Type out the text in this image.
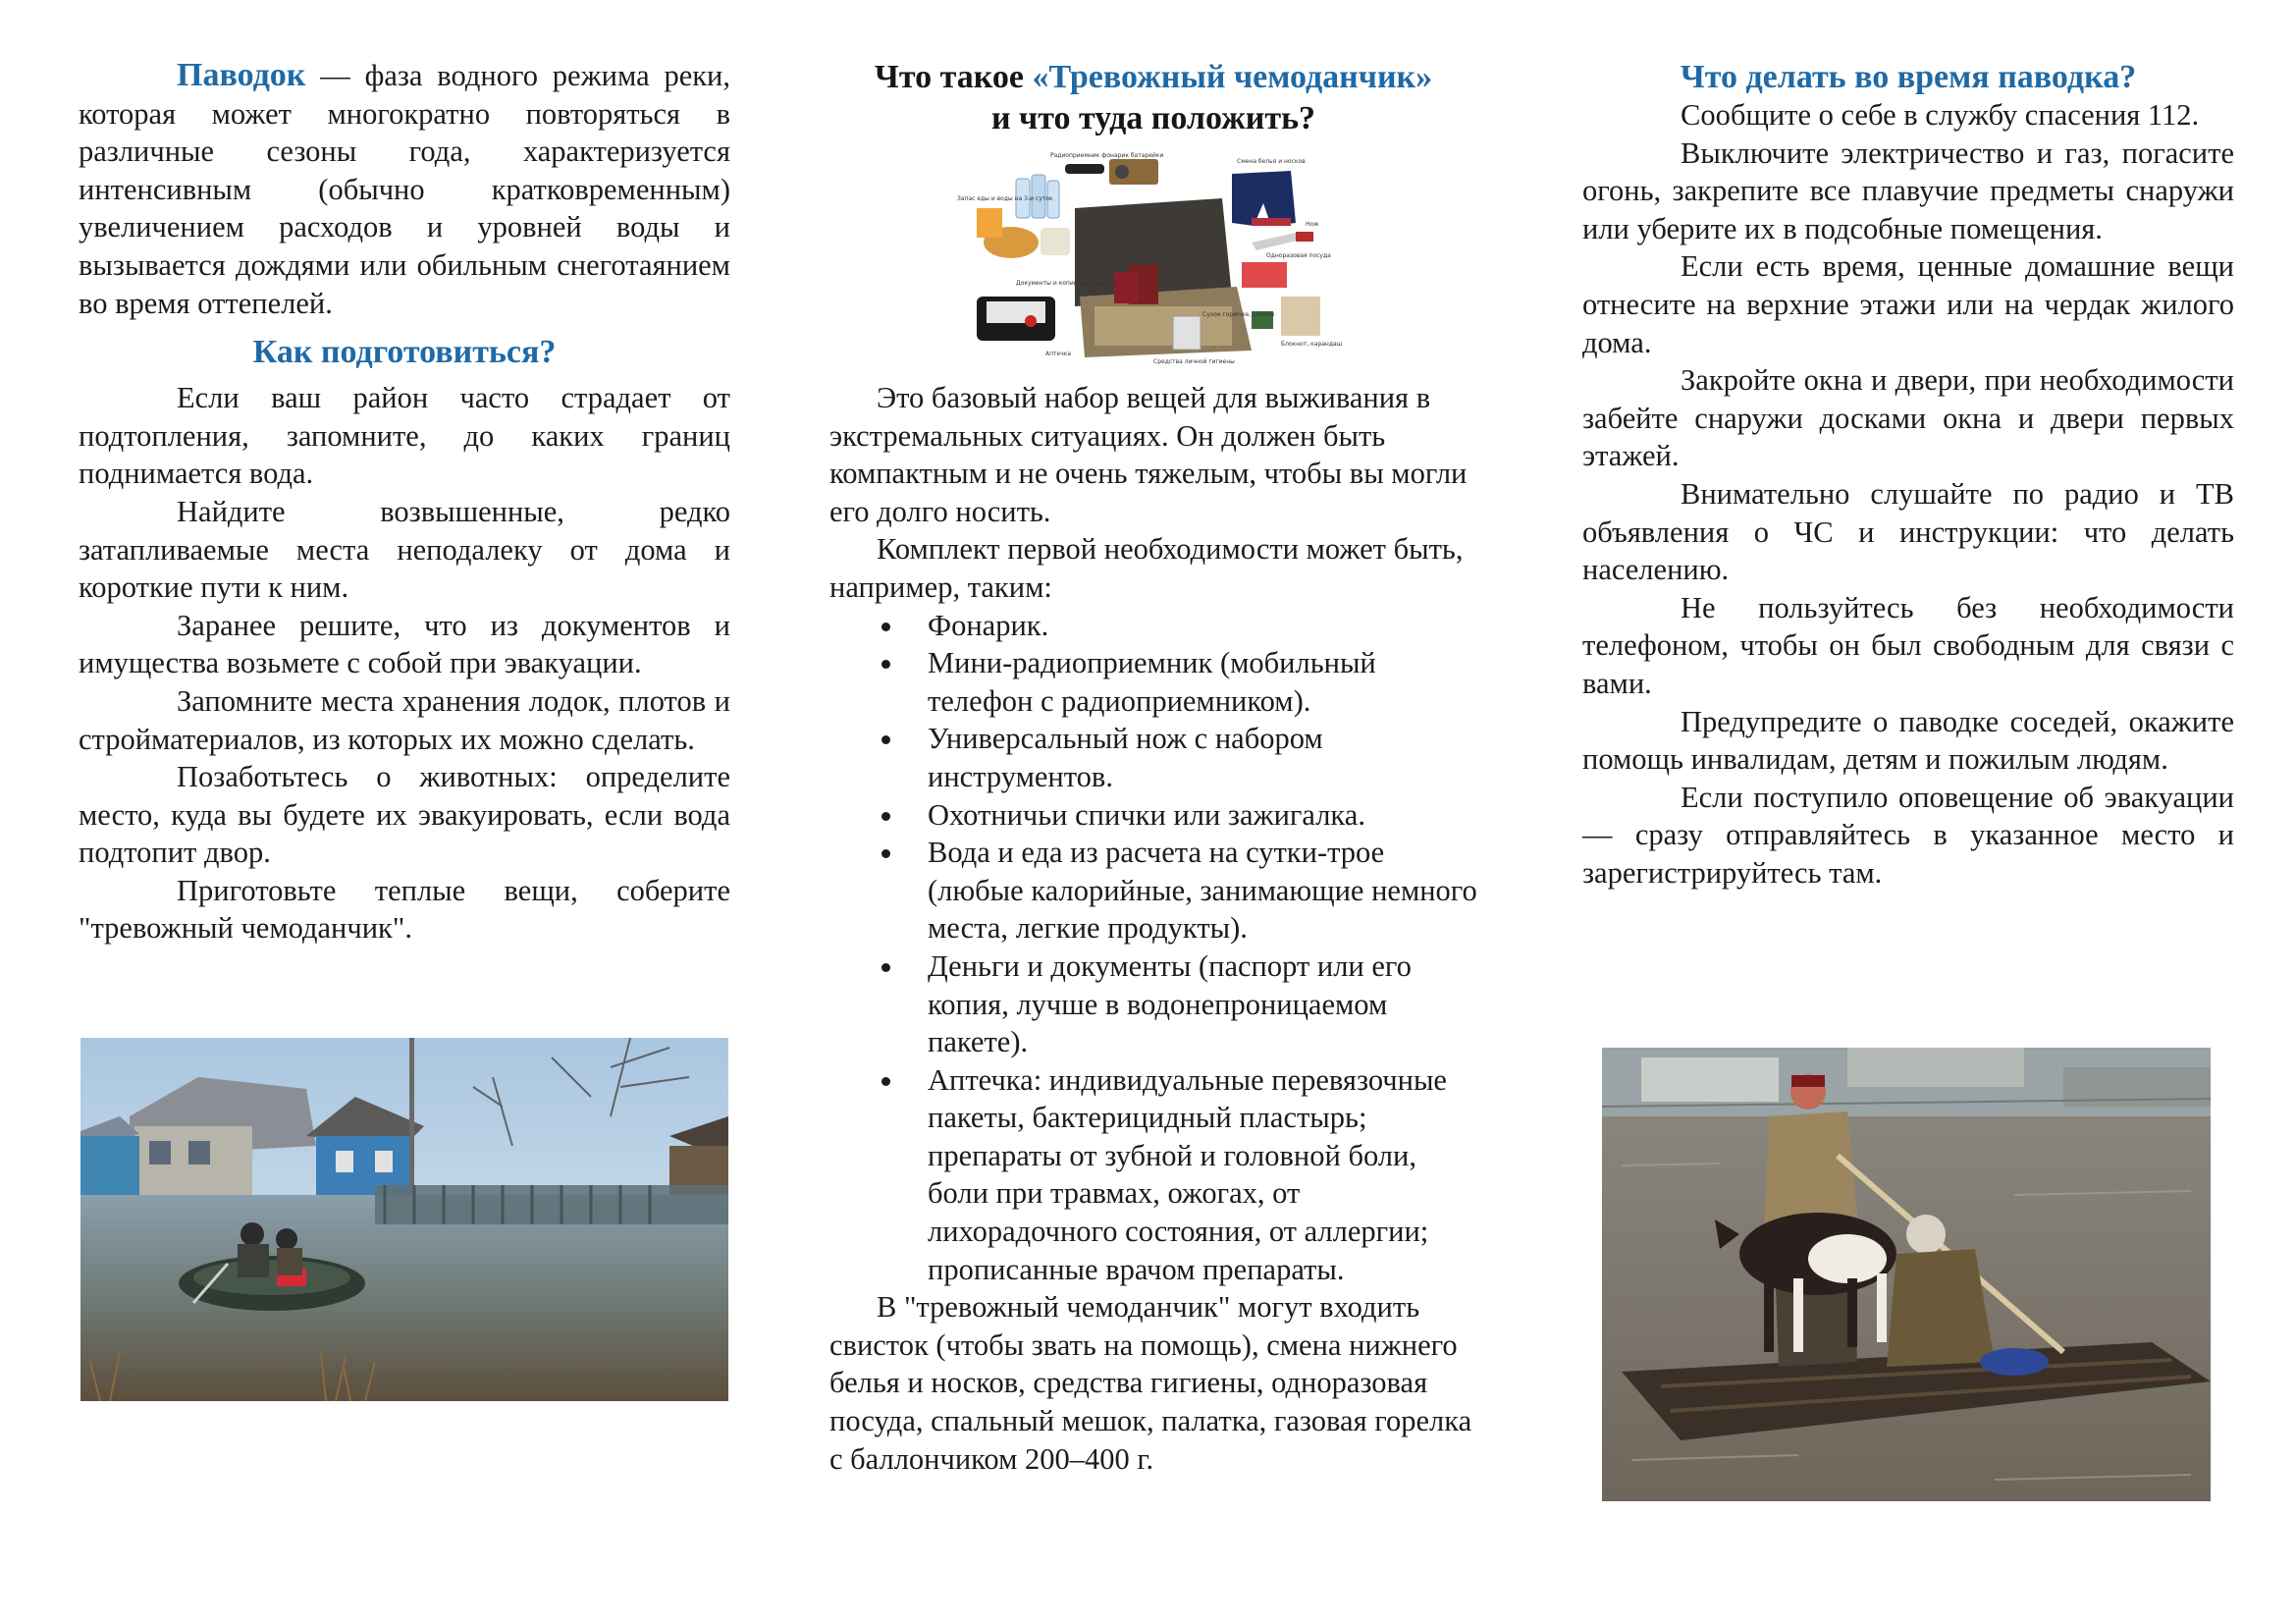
Паводок — фаза водного режима реки, которая может многократно повторяться в различные сезоны года, характеризуется интенсивным (обычно кратковременным) увеличением расходов и уровней воды и вызывается дождями или обильным снеготаянием во время оттепелей.

Как подготовиться?

Если ваш район часто страдает от подтопления, запомните, до каких границ поднимается вода.

Найдите возвышенные, редко затапливаемые места неподалеку от дома и короткие пути к ним.

Заранее решите, что из документов и имущества возьмете с собой при эвакуации.

Запомните места хранения лодок, плотов и стройматериалов, из которых их можно сделать.

Позаботьтесь о животных: определите место, куда вы будете их эвакуировать, если вода подтопит двор.

Приготовьте теплые вещи, соберите "тревожный чемоданчик".

Что такое «Тревожный чемоданчик»
и что туда положить?
Радиоприемник фонарик батарейки
Смена белья и носков
Запас еды и воды на 3-и суток
Нож
Одноразовая посуда
Документы и копии документов
Аптечка
Сухое горючее, спички
Блокнот, карандаш
Средства личной гигиены

Это базовый набор вещей для выживания в экстремальных ситуациях. Он должен быть компактным и не очень тяжелым, чтобы вы могли его долго носить.

Комплект первой необходимости может быть, например, таким:

Фонарик.
Мини-радиоприемник (мобильный телефон с радиоприемником).
Универсальный нож с набором инструментов.
Охотничьи спички или зажигалка.
Вода и еда из расчета на сутки-трое (любые калорийные, занимающие немного места, легкие продукты).
Деньги и документы (паспорт или его копия, лучше в водонепроницаемом пакете).
Аптечка: индивидуальные перевязочные пакеты, бактерицидный пластырь; препараты от зубной и головной боли, боли при травмах, ожогах, от лихорадочного состояния, от аллергии; прописанные врачом препараты.

В "тревожный чемоданчик" могут входить свисток (чтобы звать на помощь), смена нижнего белья и носков, средства гигиены, одноразовая посуда, спальный мешок, палатка, газовая горелка с баллончиком 200–400 г.

Что делать во время паводка?

Сообщите о себе в службу спасения 112.

Выключите электричество и газ, погасите огонь, закрепите все плавучие предметы снаружи или уберите их в подсобные помещения.

Если есть время, ценные домашние вещи отнесите на верхние этажи или на чердак жилого дома.

Закройте окна и двери, при необходимости забейте снаружи досками окна и двери первых этажей.

Внимательно слушайте по радио и ТВ объявления о ЧС и инструкции: что делать населению.

Не пользуйтесь без необходимости телефоном, чтобы он был свободным для связи с вами.

Предупредите о паводке соседей, окажите помощь инвалидам, детям и пожилым людям.

Если поступило оповещение об эвакуации — сразу отправляйтесь в указанное место и зарегистрируйтесь там.
